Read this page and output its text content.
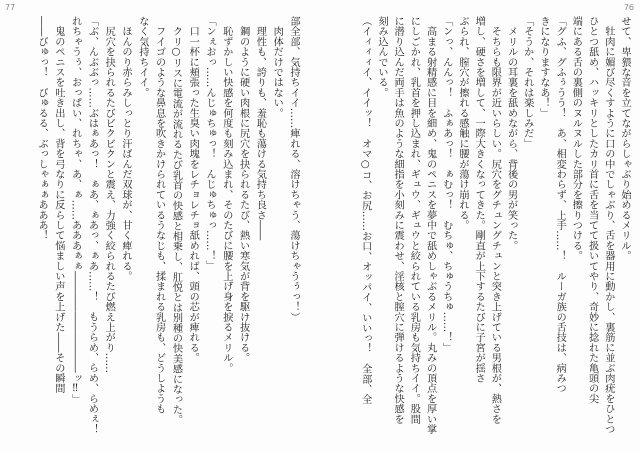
77
部全部、気持ちイイ……痺れる、溶けちゃう、蕩けちゃうぅっ！）
　肉体だけではない。
　理性も、誇りも、羞恥も蕩ける気持ち良さ――
　鋼のように硬い肉根に尻穴を抉られるたび、熱い寒気が背を駆け抜ける。
　恥ずかしい快感を何度も刻み込まれ、そのたびに腰を上げ身を捩るメリル。
「ンぇおっ……んじゅちゅっ！　んじゅちゅっ……！」
　口一杯に頬張った生臭い肉塊をレチョレチョ舐めれば、頭の芯が痺れる。
　クリ○リスに電流が流れるたび乳首の快感と相乗し、肛悦とは別種の快美感になった。
　フイゴのような鼻息を吹きかけられているうなじも、揉まれる乳房も、どうしようも
なく気持ちイイ。
　ほんのり赤らみしっとり汗ばんだ双球が、甘く痺れる。
　尻穴を抉られるたびビクビクンと震え、力強く絞られるたび燃え上がり……
「ぶ、んぶぶっ……ぶはぁあっ！　ぁあ、ぁあっ、ぁあ……！　もうらめ、らめ、らめぇ！
れちゃうぅ、おっぱい、れちゃ、あ、ぁ……あああぁぁ――――――――――ッ‼」
　鬼のペニスを吐き出し、背を弓なりに反らして悩ましい声を上げた――その瞬間
――びゅっ！　びゅるる、ぶっしゃぁぁあああ！
76
せて、卑猥な音を立てながらしゃぶり始めるメリル。
　牡肉に媚び尽くすように口の中でしゃぶり、舌を器用に動かし、裏筋に並ぶ肉疣をひとつ
ひとつ舐め、ハッキリとしたカリ首に舌を当てて扱いてやり、奇妙に捻れた亀頭の尖
端にある舌の裏側のヌルヌルした部分を擦りつける。
「グふ、グふぅうう！　あ、相変わらず、上手……！　ルーガ族の舌技は、病みつ
きになりますなあ！」
「そうか、それは楽しみだ」
　メリルの耳裏を舐めながら、背後の男が笑った。
　そちらも限界が近いらしい。尻穴をグチュングチュンと突き上げている男根が、熱さを
増し、硬さを増して、一際大きくなってきた。剛直が上下するたびに子宮が揺さ
ぶられ、膣穴が擦れる感触に腰が蕩け崩れる。
「ンっ、んんっ！　ふぁあっ！　ぁむっ！　むちゅ、ちゅうちゅ……！」
　高まる射精感に目を細め、鬼のペニスを夢中で舐めしゃぶるメリル。丸みの頂点を厚い掌
にしごかれ、乳首を押し込まれ、ギュウ、ギュウと絞られている乳房も気持ちイイ。股間
に潜り込んだ両手は魚のような細指を小刻みに震わせ、淫核と膣穴に弾けるような快感を
刻み込んでいる。
（イィィィイ、イイッ！　オマ○コ、お尻……お口、オッパイ、いいっ！　全部、全
